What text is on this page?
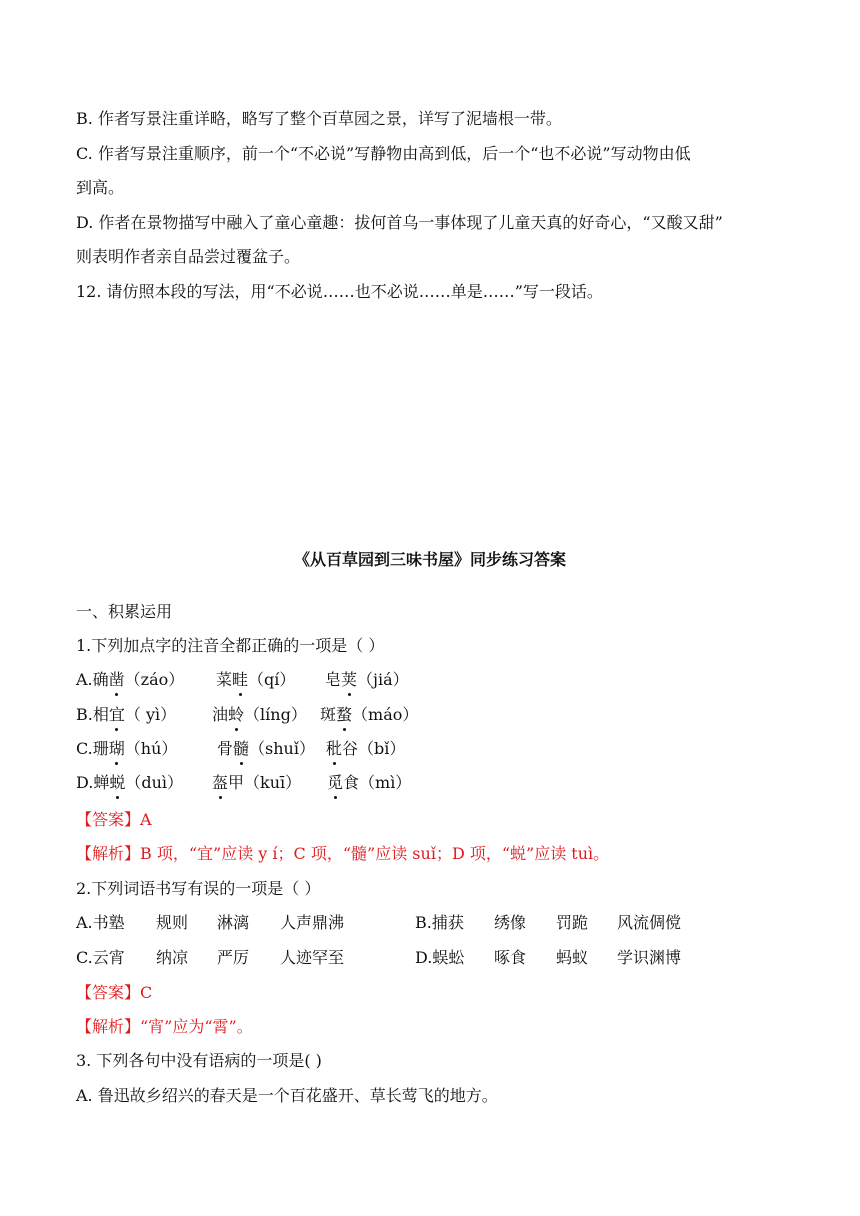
B. 作者写景注重详略，略写了整个百草园之景，详写了泥墙根一带。
C. 作者写景注重顺序，前一个“不必说”写静物由高到低，后一个“也不必说”写动物由低
到高。
D. 作者在景物描写中融入了童心童趣：拔何首乌一事体现了儿童天真的好奇心，“又酸又甜”
则表明作者亲自品尝过覆盆子。
12. 请仿照本段的写法，用“不必说……也不必说……单是……”写一段话。
《从百草园到三味书屋》同步练习答案
一、积累运用
1.下列加点字的注音全都正确的一项是（ ）
A.确凿（záo） 菜畦（qí） 皂荚（jiá）
B.相宜（ yì） 油蛉（líng） 斑蝥（máo）
C.珊瑚（hú） 骨髓（shuǐ） 秕谷（bǐ）
D.蝉蜕（duì） 盔甲（kuī） 觅食（mì）
【答案】A
【解析】B 项，“宜”应读 y í；C 项，“髓”应读 suǐ；D 项，“蜕”应读 tuì。
2.下列词语书写有误的一项是（ ）
A.书塾 规则 淋漓 人声鼎沸	B.捕获 绣像 罚跪 风流倜傥
C.云宵 纳凉 严厉 人迹罕至	D.蜈蚣 啄食 蚂蚁 学识渊博
【答案】C
【解析】“宵”应为“霄”。
3. 下列各句中没有语病的一项是( )
A. 鲁迅故乡绍兴的春天是一个百花盛开、草长莺飞的地方。
